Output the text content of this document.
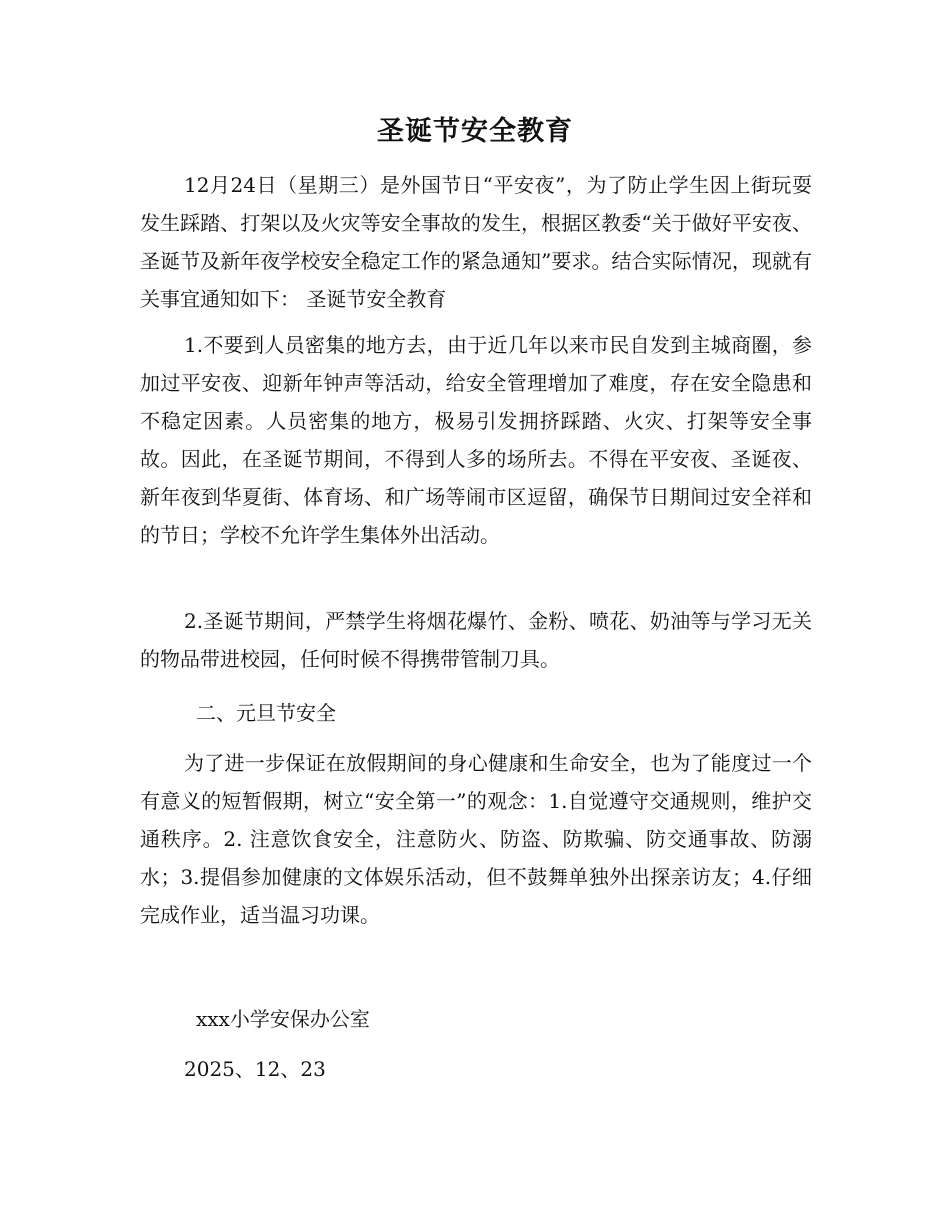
圣诞节安全教育
12月24日（星期三）是外国节日“平安夜”，为了防止学生因上街玩耍发生踩踏、打架以及火灾等安全事故的发生，根据区教委“关于做好平安夜、圣诞节及新年夜学校安全稳定工作的紧急通知”要求。结合实际情况，现就有关事宜通知如下： 圣诞节安全教育
1.不要到人员密集的地方去，由于近几年以来市民自发到主城商圈，参加过平安夜、迎新年钟声等活动，给安全管理增加了难度，存在安全隐患和不稳定因素。人员密集的地方，极易引发拥挤踩踏、火灾、打架等安全事故。因此，在圣诞节期间，不得到人多的场所去。不得在平安夜、圣诞夜、新年夜到华夏街、体育场、和广场等闹市区逗留，确保节日期间过安全祥和的节日；学校不允许学生集体外出活动。
2.圣诞节期间，严禁学生将烟花爆竹、金粉、喷花、奶油等与学习无关的物品带进校园，任何时候不得携带管制刀具。
二、元旦节安全
为了进一步保证在放假期间的身心健康和生命安全，也为了能度过一个有意义的短暂假期，树立“安全第一”的观念：1.自觉遵守交通规则，维护交通秩序。2. 注意饮食安全，注意防火、防盗、防欺骗、防交通事故、防溺水；3.提倡参加健康的文体娱乐活动，但不鼓舞单独外出探亲访友；4.仔细完成作业，适当温习功课。
xxx小学安保办公室
2025、12、23
